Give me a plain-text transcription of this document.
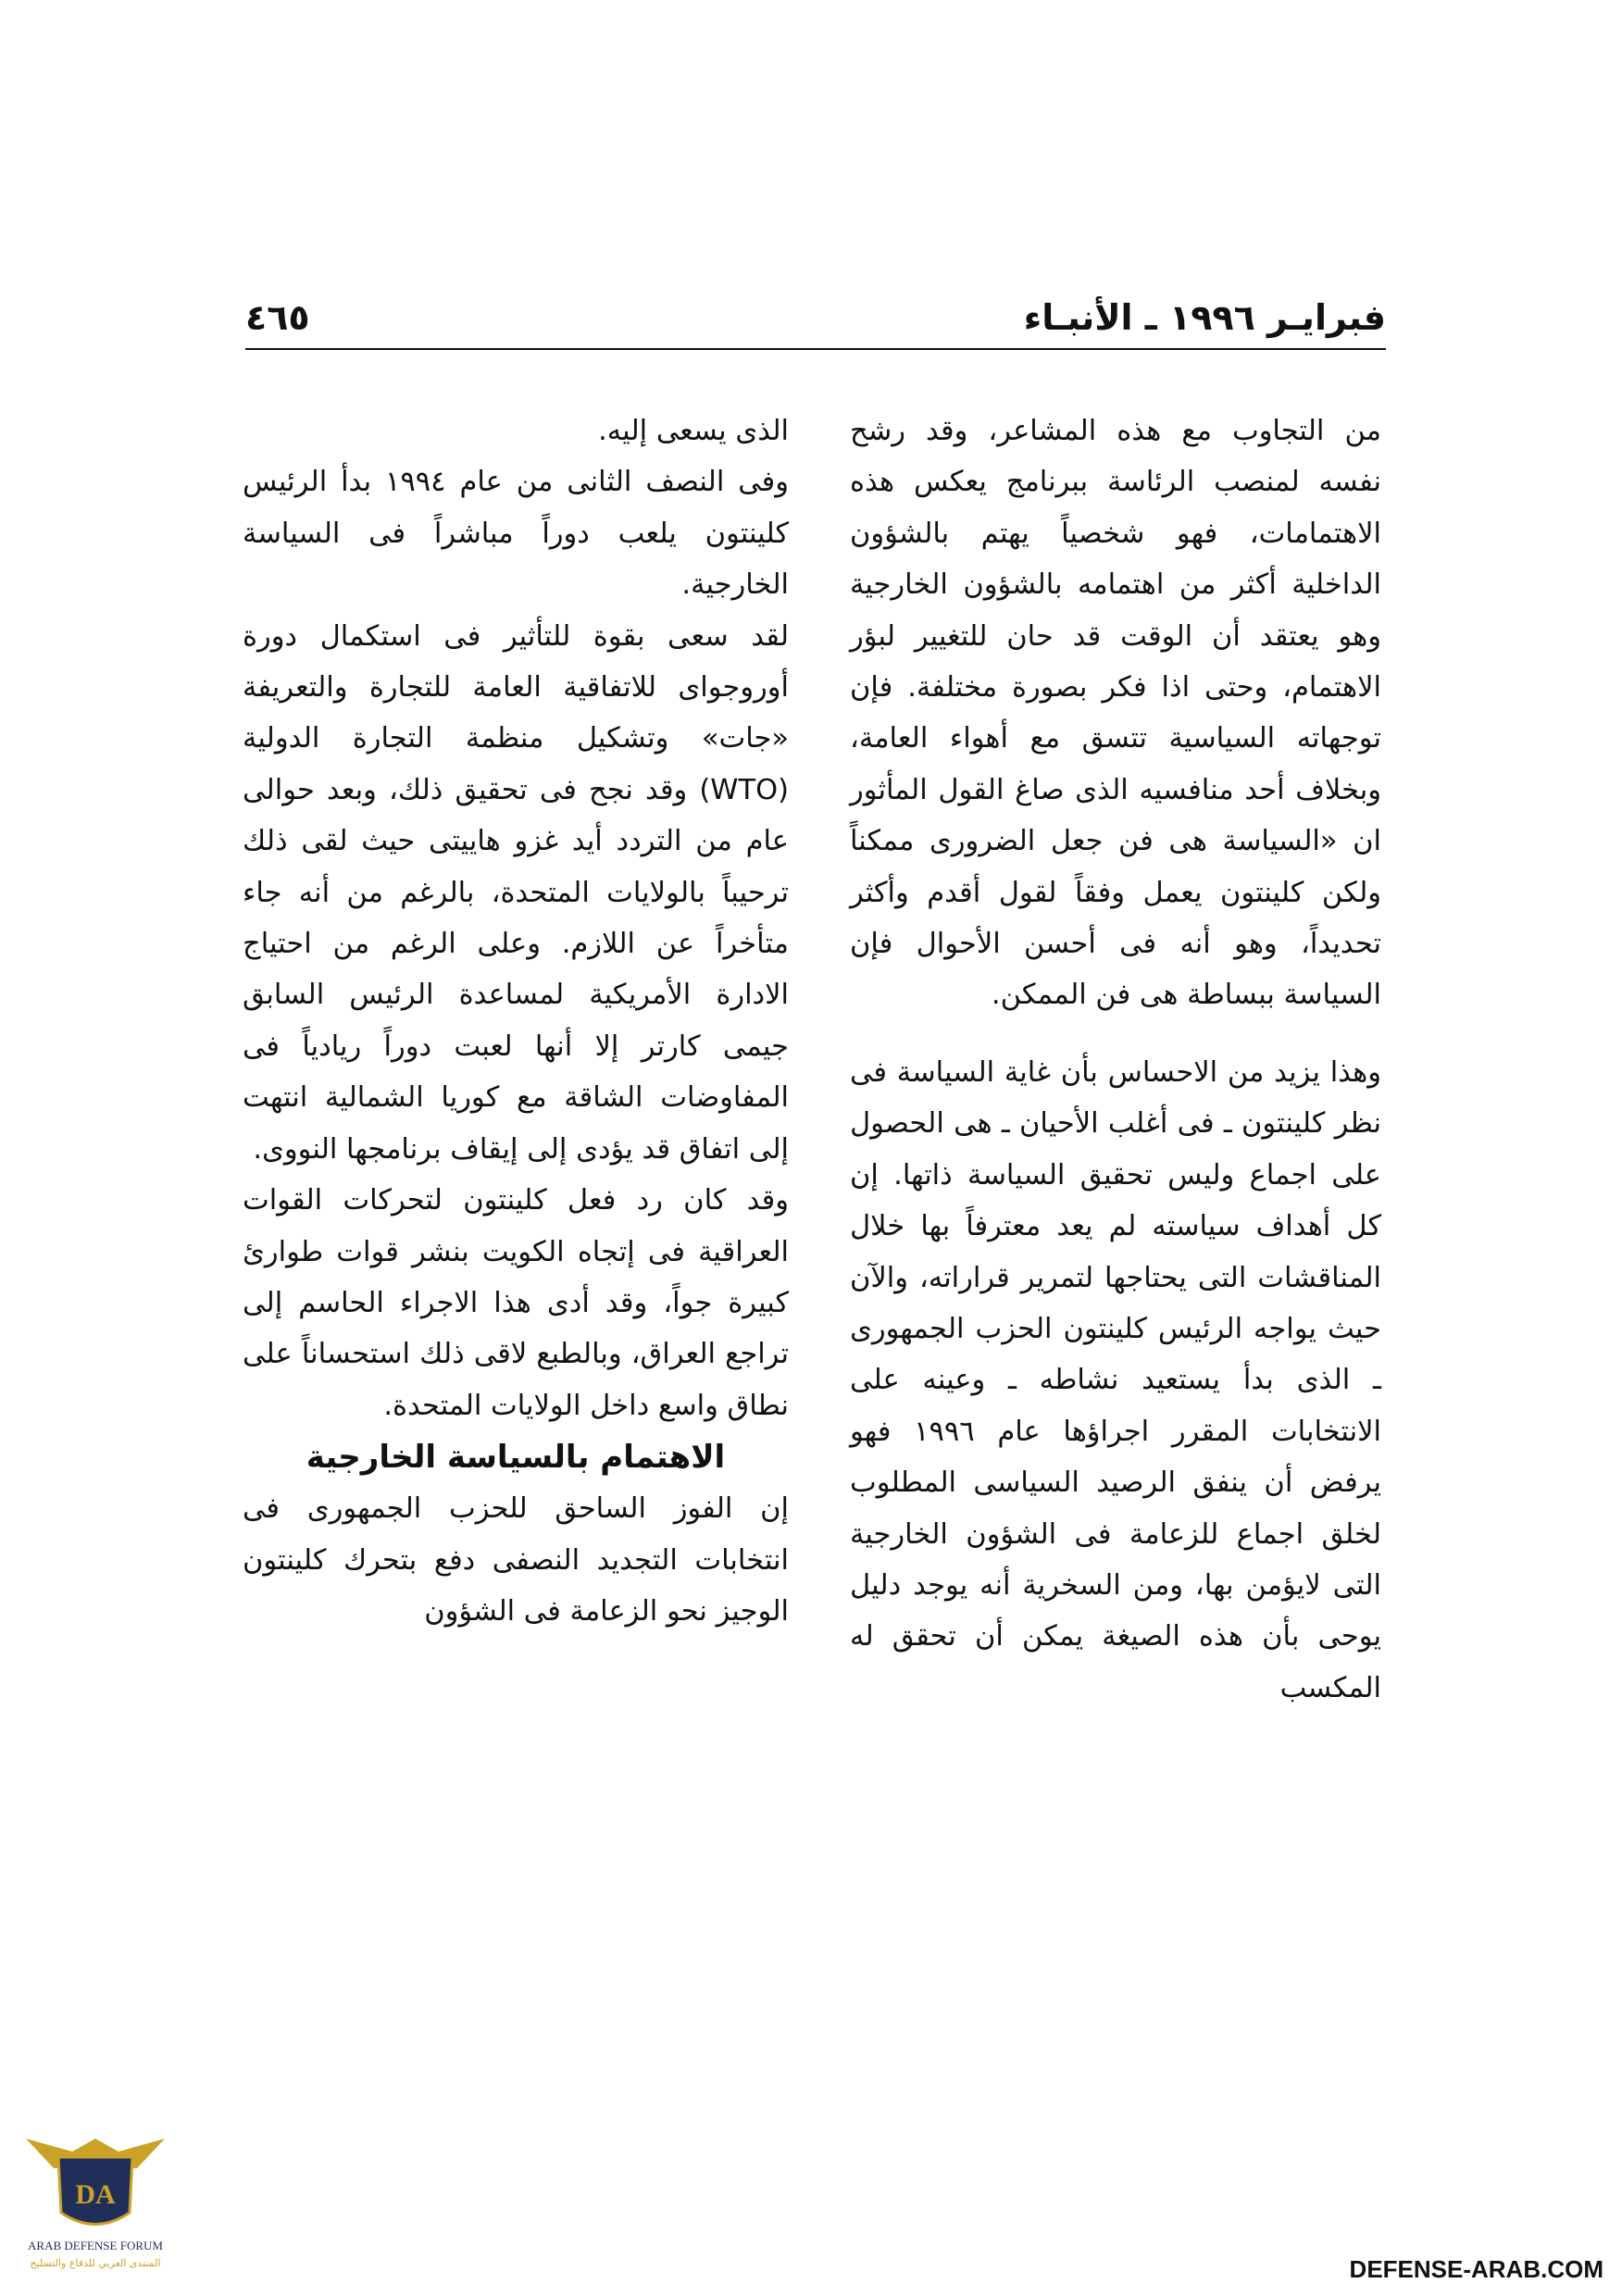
فبرايـر ١٩٩٦ ـ الأنبـاء
٤٦٥

من التجاوب مع هذه المشاعر، وقد رشح نفسه لمنصب الرئاسة ببرنامج يعكس هذه الاهتمامات، فهو شخصياً يهتم بالشؤون الداخلية أكثر من اهتمامه بالشؤون الخارجية وهو يعتقد أن الوقت قد حان للتغيير لبؤر الاهتمام، وحتى اذا فكر بصورة مختلفة. فإن توجهاته السياسية تتسق مع أهواء العامة، وبخلاف أحد منافسيه الذى صاغ القول المأثور ان «السياسة هى فن جعل الضرورى ممكناً ولكن كلينتون يعمل وفقاً لقول أقدم وأكثر تحديداً، وهو أنه فى أحسن الأحوال فإن السياسة ببساطة هى فن الممكن.

وهذا يزيد من الاحساس بأن غاية السياسة فى نظر كلينتون ـ فى أغلب الأحيان ـ هى الحصول على اجماع وليس تحقيق السياسة ذاتها. إن كل أهداف سياسته لم يعد معترفاً بها خلال المناقشات التى يحتاجها لتمرير قراراته، والآن حيث يواجه الرئيس كلينتون الحزب الجمهورى ـ الذى بدأ يستعيد نشاطه ـ وعينه على الانتخابات المقرر اجراؤها عام ١٩٩٦ فهو يرفض أن ينفق الرصيد السياسى المطلوب لخلق اجماع للزعامة فى الشؤون الخارجية التى لايؤمن بها، ومن السخرية أنه يوجد دليل يوحى بأن هذه الصيغة يمكن أن تحقق له المكسب

الذى يسعى إليه.

وفى النصف الثانى من عام ١٩٩٤ بدأ الرئيس كلينتون يلعب دوراً مباشراً فى السياسة الخارجية.

لقد سعى بقوة للتأثير فى استكمال دورة أوروجواى للاتفاقية العامة للتجارة والتعريفة «جات» وتشكيل منظمة التجارة الدولية (WTO) وقد نجح فى تحقيق ذلك، وبعد حوالى عام من التردد أيد غزو هاييتى حيث لقى ذلك ترحيباً بالولايات المتحدة، بالرغم من أنه جاء متأخراً عن اللازم. وعلى الرغم من احتياج الادارة الأمريكية لمساعدة الرئيس السابق جيمى كارتر إلا أنها لعبت دوراً ريادياً فى المفاوضات الشاقة مع كوريا الشمالية انتهت إلى اتفاق قد يؤدى إلى إيقاف برنامجها النووى.

وقد كان رد فعل كلينتون لتحركات القوات العراقية فى إتجاه الكويت بنشر قوات طوارئ كبيرة جواً، وقد أدى هذا الاجراء الحاسم إلى تراجع العراق، وبالطبع لاقى ذلك استحساناً على نطاق واسع داخل الولايات المتحدة.

الاهتمام بالسياسة الخارجية

إن الفوز الساحق للحزب الجمهورى فى انتخابات التجديد النصفى دفع بتحرك كلينتون الوجيز نحو الزعامة فى الشؤون

DA
ARAB DEFENSE FORUM
المنتدى العربي للدفاع والتسليح	DEFENSE-ARAB.COM
